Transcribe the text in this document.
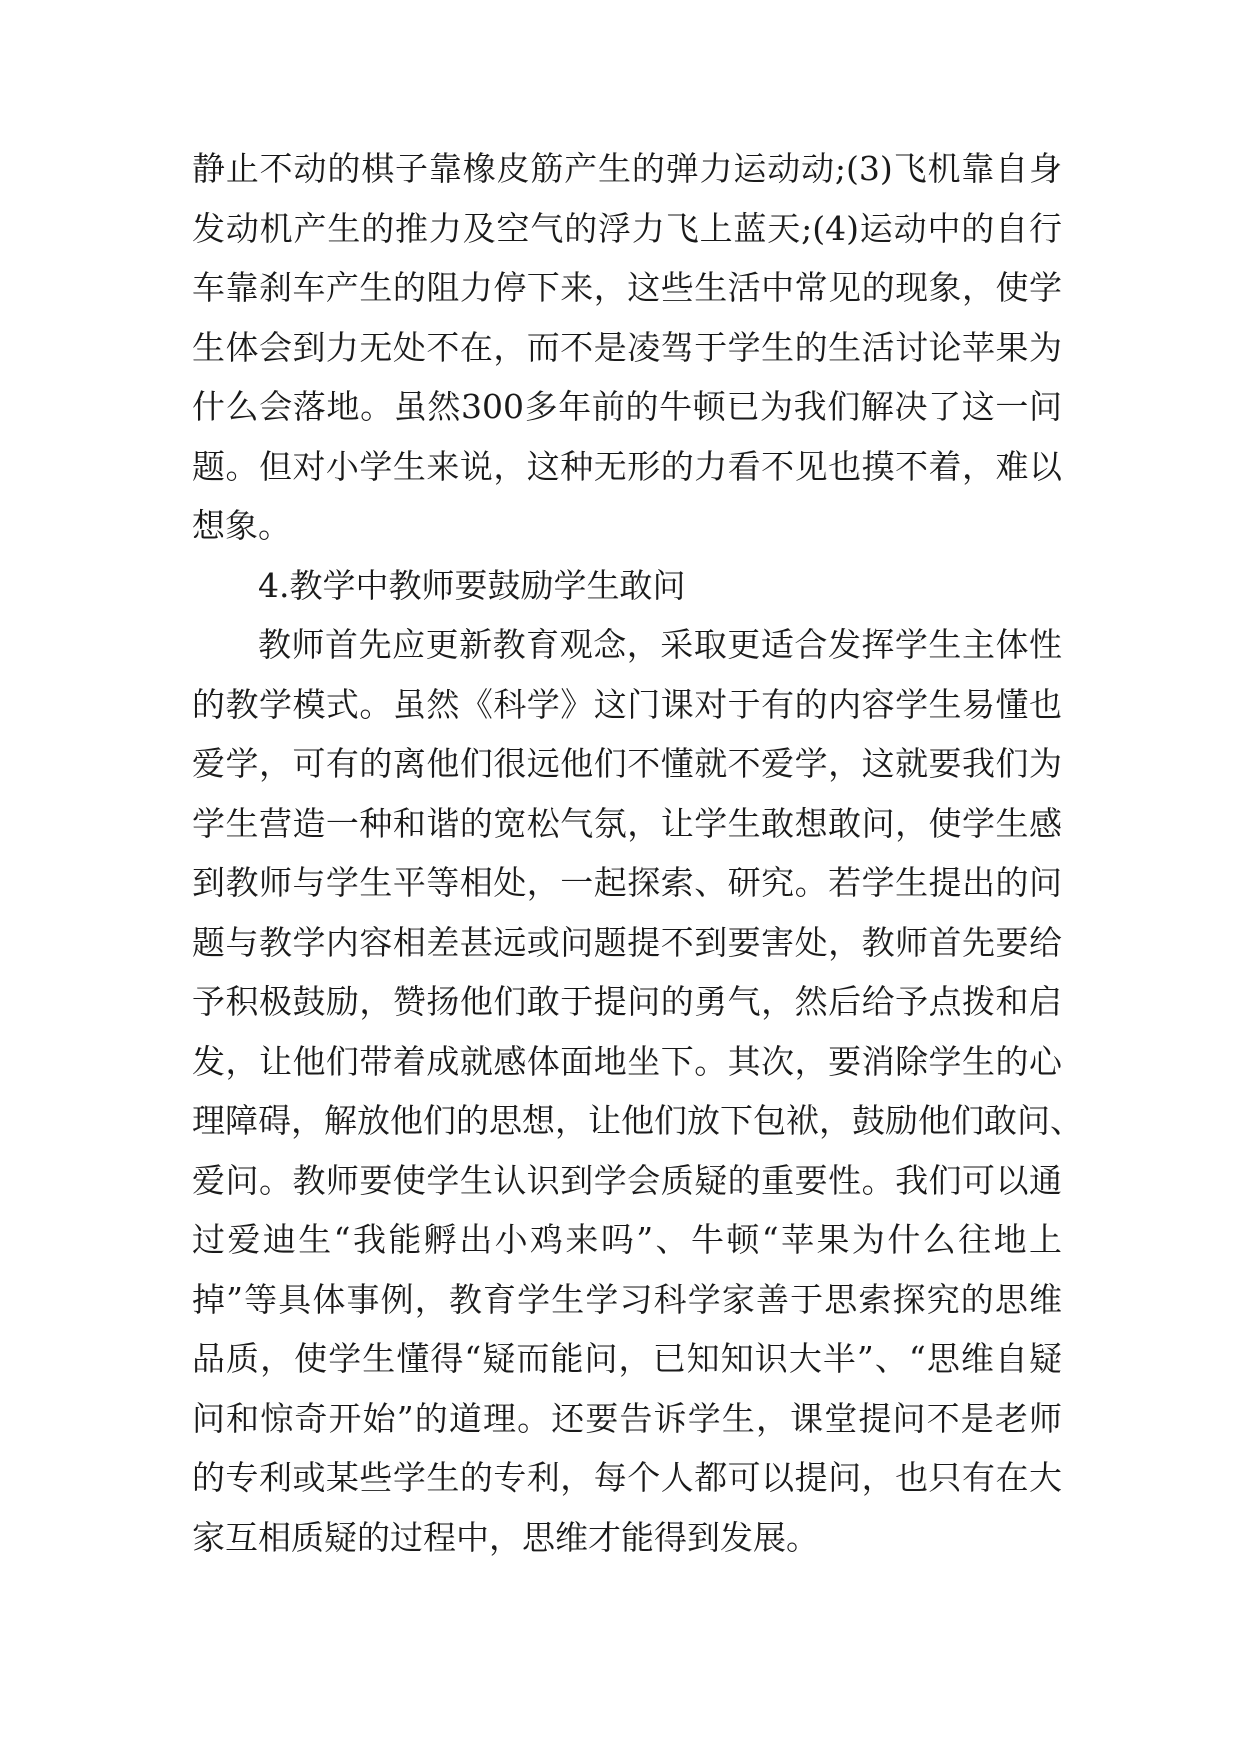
静止不动的棋子靠橡皮筋产生的弹力运动动;(3)飞机靠自身
发动机产生的推力及空气的浮力飞上蓝天;(4)运动中的自行
车靠刹车产生的阻力停下来，这些生活中常见的现象，使学
生体会到力无处不在，而不是凌驾于学生的生活讨论苹果为
什么会落地。虽然300多年前的牛顿已为我们解决了这一问
题。但对小学生来说，这种无形的力看不见也摸不着，难以
想象。
4.教学中教师要鼓励学生敢问
教师首先应更新教育观念，采取更适合发挥学生主体性
的教学模式。虽然《科学》这门课对于有的内容学生易懂也
爱学，可有的离他们很远他们不懂就不爱学，这就要我们为
学生营造一种和谐的宽松气氛，让学生敢想敢问，使学生感
到教师与学生平等相处，一起探索、研究。若学生提出的问
题与教学内容相差甚远或问题提不到要害处，教师首先要给
予积极鼓励，赞扬他们敢于提问的勇气，然后给予点拨和启
发，让他们带着成就感体面地坐下。其次，要消除学生的心
理障碍，解放他们的思想，让他们放下包袱，鼓励他们敢问、
爱问。教师要使学生认识到学会质疑的重要性。我们可以通
过爱迪生“我能孵出小鸡来吗”、牛顿“苹果为什么往地上
掉”等具体事例，教育学生学习科学家善于思索探究的思维
品质，使学生懂得“疑而能问，已知知识大半”、“思维自疑
问和惊奇开始”的道理。还要告诉学生，课堂提问不是老师
的专利或某些学生的专利，每个人都可以提问，也只有在大
家互相质疑的过程中，思维才能得到发展。
